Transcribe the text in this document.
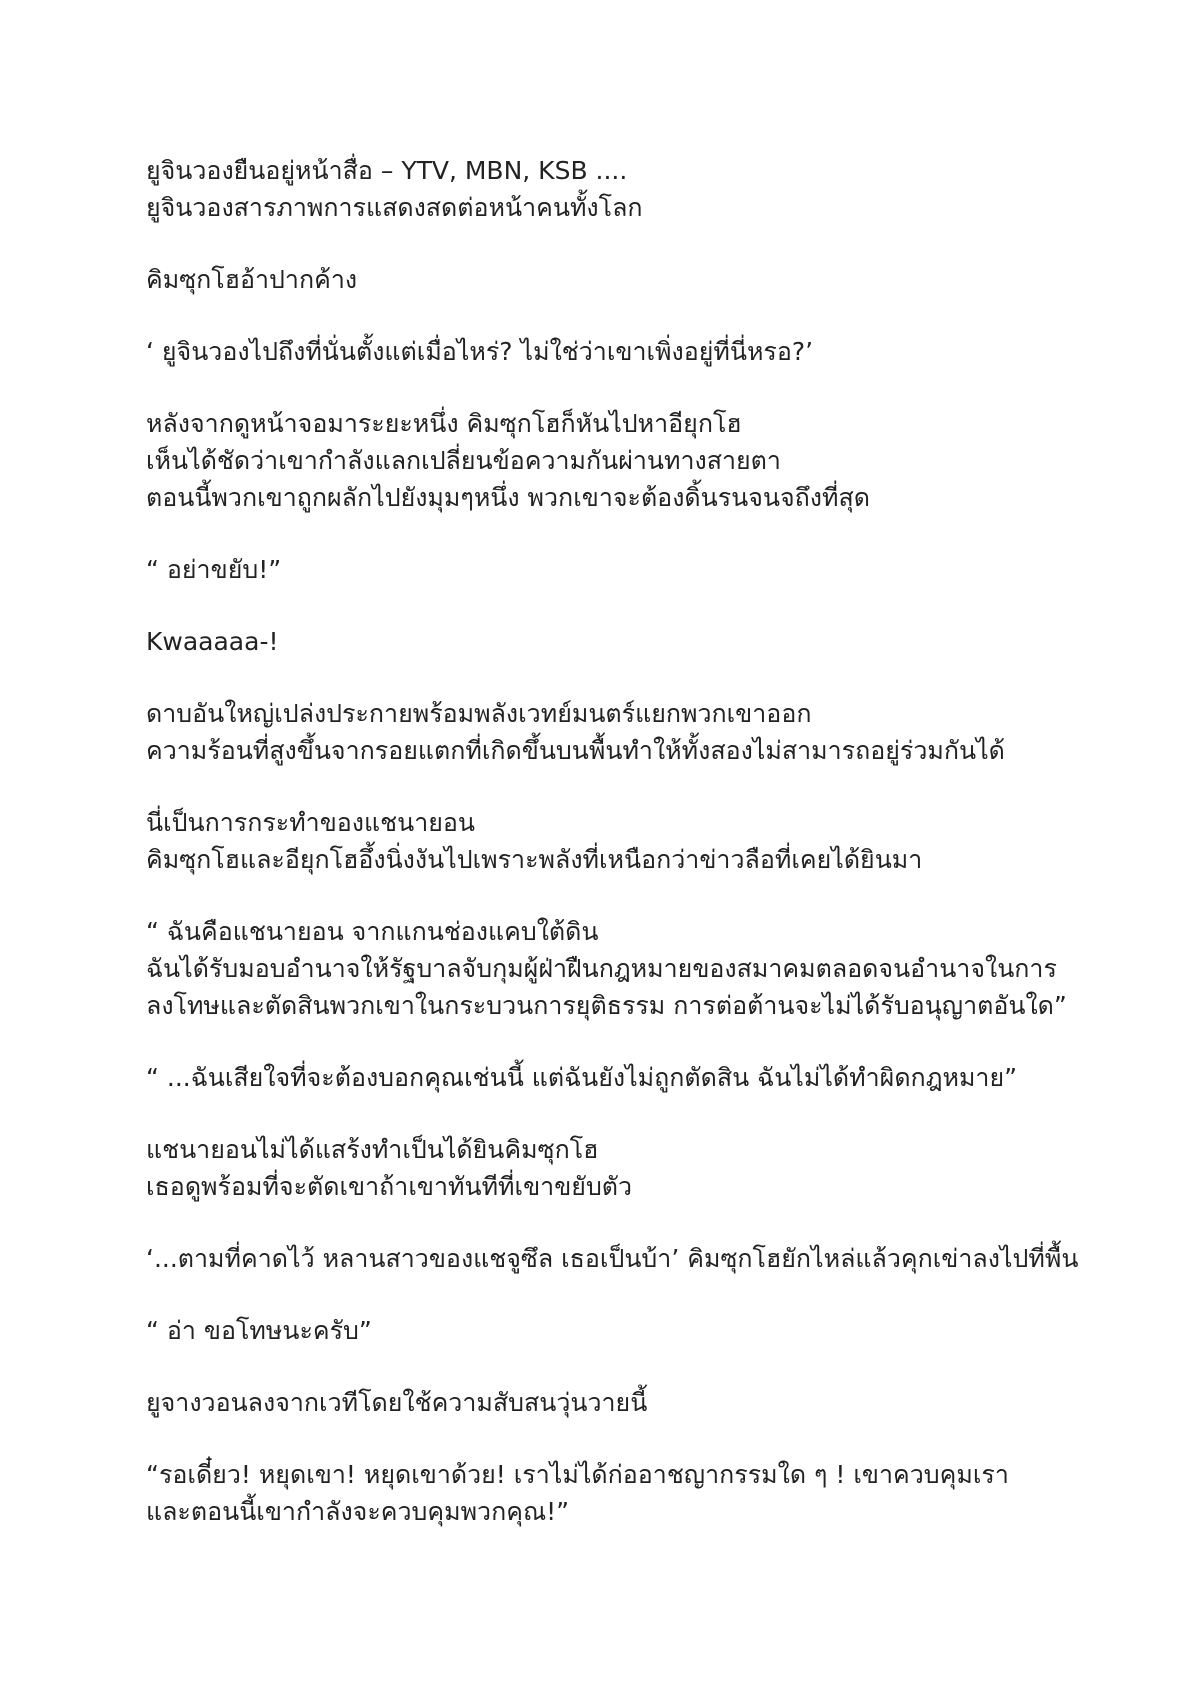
ยูจินวองยืนอยู่หน้าสื่อ – YTV, MBN, KSB ....
ยูจินวองสารภาพการแสดงสดต่อหน้าคนทั้งโลก
คิมซุกโฮอ้าปากค้าง
‘ ยูจินวองไปถึงที่นั่นตั้งแต่เมื่อไหร่? ไม่ใช่ว่าเขาเพิ่งอยู่ที่นี่หรอ?’
หลังจากดูหน้าจอมาระยะหนึ่ง คิมซุกโฮก็หันไปหาอียุกโฮ
เห็นได้ชัดว่าเขากำลังแลกเปลี่ยนข้อความกันผ่านทางสายตา
ตอนนี้พวกเขาถูกผลักไปยังมุมๆหนึ่ง พวกเขาจะต้องดิ้นรนจนจถึงที่สุด
“ อย่าขยับ!”
Kwaaaaa-!
ดาบอันใหญ่เปล่งประกายพร้อมพลังเวทย์มนตร์แยกพวกเขาออก
ความร้อนที่สูงขึ้นจากรอยแตกที่เกิดขึ้นบนพื้นทำให้ทั้งสองไม่สามารถอยู่ร่วมกันได้
นี่เป็นการกระทำของแชนายอน
คิมซุกโฮและอียุกโฮอึ้งนิ่งงันไปเพราะพลังที่เหนือกว่าข่าวลือที่เคยได้ยินมา
“ ฉันคือแชนายอน จากแกนช่องแคบใต้ดิน
ฉันได้รับมอบอำนาจให้รัฐบาลจับกุมผู้ฝ่าฝืนกฎหมายของสมาคมตลอดจนอำนาจในการ
ลงโทษและตัดสินพวกเขาในกระบวนการยุติธรรม การต่อต้านจะไม่ได้รับอนุญาตอันใด”
“ ...ฉันเสียใจที่จะต้องบอกคุณเช่นนี้ แต่ฉันยังไม่ถูกตัดสิน ฉันไม่ได้ทำผิดกฎหมาย”
แชนายอนไม่ได้แสร้งทำเป็นได้ยินคิมซุกโฮ
เธอดูพร้อมที่จะตัดเขาถ้าเขาทันทีที่เขาขยับตัว
‘...ตามที่คาดไว้ หลานสาวของแชจูซึล เธอเป็นบ้า’ คิมซุกโฮยักไหล่แล้วคุกเข่าลงไปที่พื้น
“ อ่า ขอโทษนะครับ”
ยูจางวอนลงจากเวทีโดยใช้ความสับสนวุ่นวายนี้
“รอเดี๋ยว! หยุดเขา! หยุดเขาด้วย! เราไม่ได้ก่ออาชญากรรมใด ๆ ! เขาควบคุมเรา
และตอนนี้เขากำลังจะควบคุมพวกคุณ!”
